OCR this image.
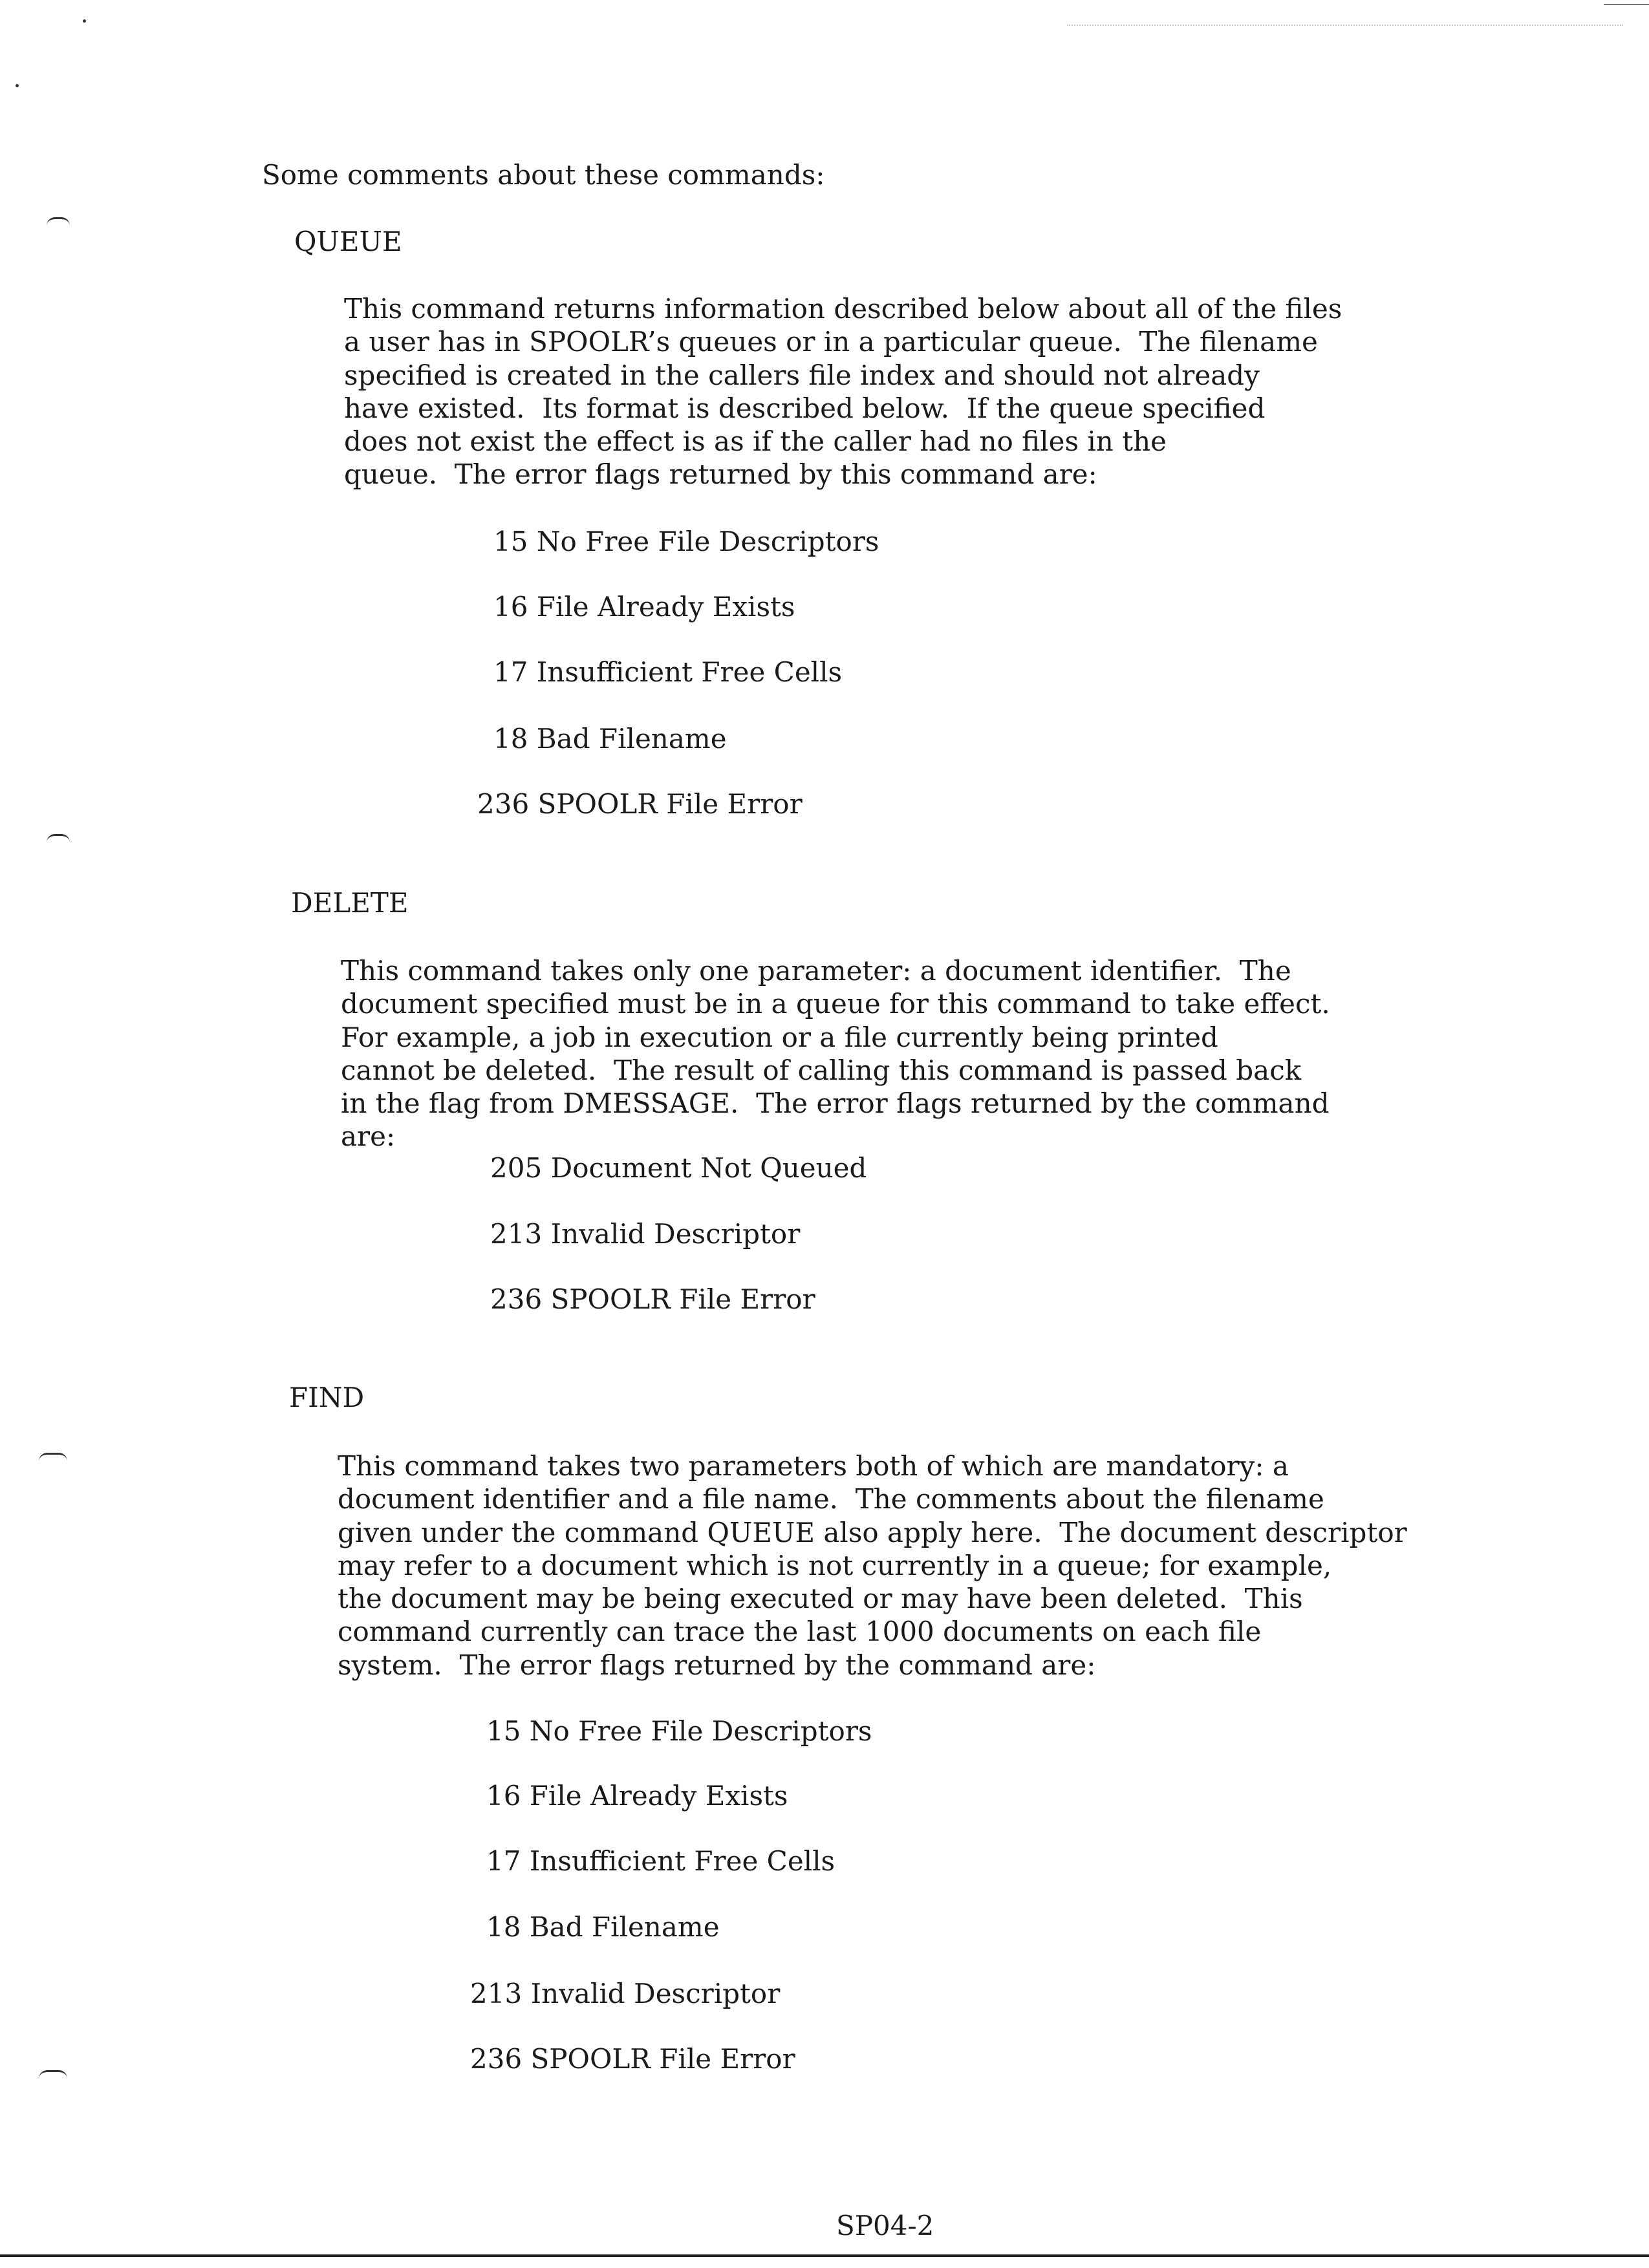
Some comments about these commands:
QUEUE
This command returns information described below about all of the files
a user has in SPOOLR’s queues or in a particular queue.  The filename
specified is created in the callers file index and should not already
have existed.  Its format is described below.  If the queue specified
does not exist the effect is as if the caller had no files in the
queue.  The error flags returned by this command are:
15 No Free File Descriptors
16 File Already Exists
17 Insufficient Free Cells
18 Bad Filename
236 SPOOLR File Error
DELETE
This command takes only one parameter: a document identifier.  The
document specified must be in a queue for this command to take effect.
For example, a job in execution or a file currently being printed
cannot be deleted.  The result of calling this command is passed back
in the flag from DMESSAGE.  The error flags returned by the command
are:
205 Document Not Queued
213 Invalid Descriptor
236 SPOOLR File Error
FIND
This command takes two parameters both of which are mandatory: a
document identifier and a file name.  The comments about the filename
given under the command QUEUE also apply here.  The document descriptor
may refer to a document which is not currently in a queue; for example,
the document may be being executed or may have been deleted.  This
command currently can trace the last 1000 documents on each file
system.  The error flags returned by the command are:
15 No Free File Descriptors
16 File Already Exists
17 Insufficient Free Cells
18 Bad Filename
213 Invalid Descriptor
236 SPOOLR File Error
SP04-2
